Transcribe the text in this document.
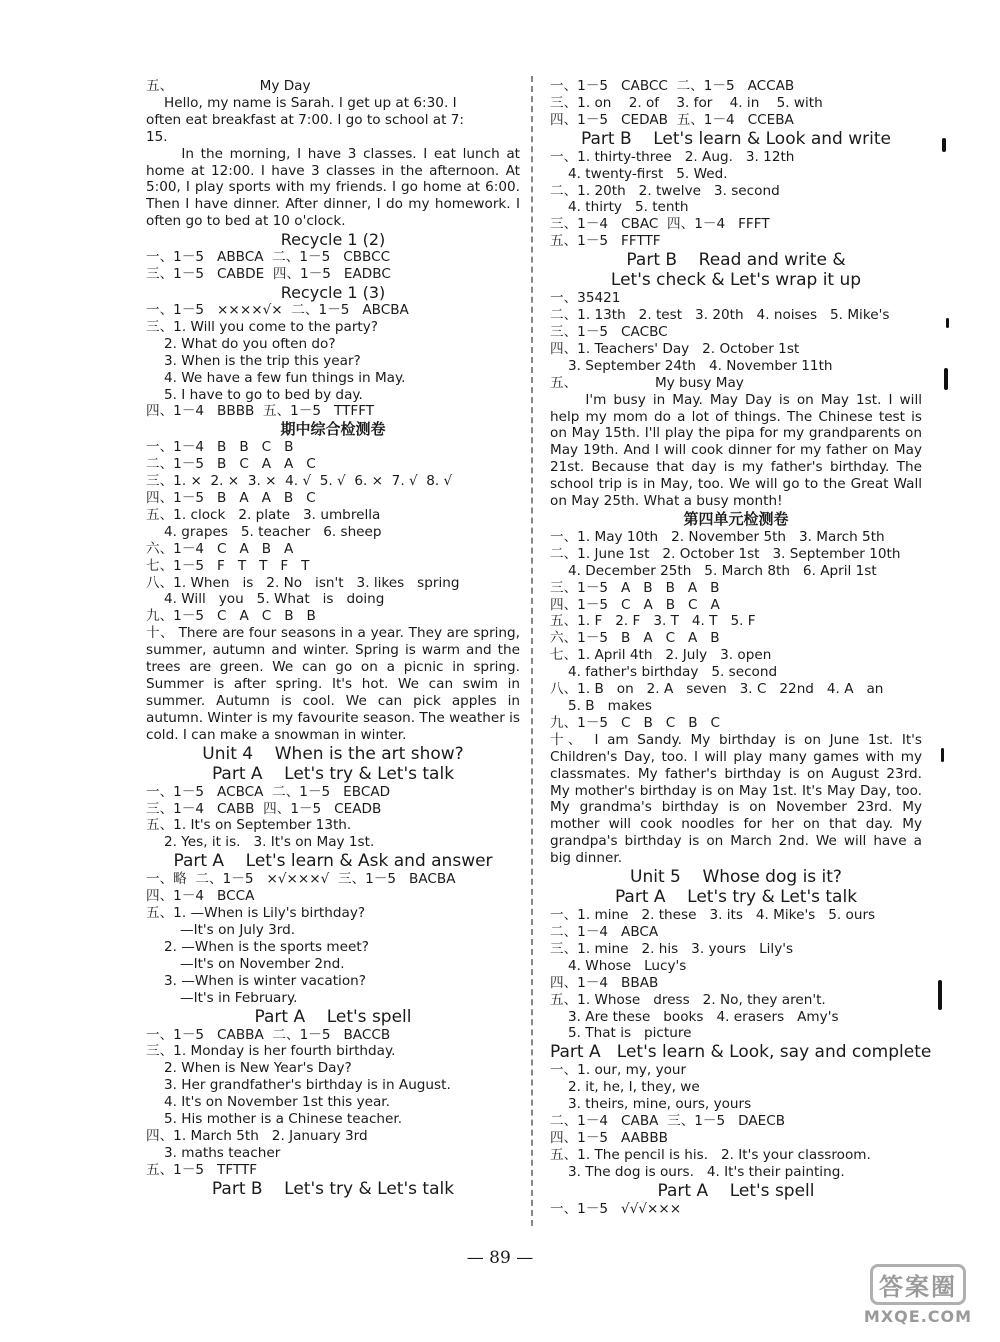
五、                    My Day
Hello, my name is Sarah. I get up at 6:30. I
often eat breakfast at 7:00. I go to school at 7:
15.
In the morning, I have 3 classes. I eat lunch at home at 12:00. I have 3 classes in the afternoon. At 5:00, I play sports with my friends. I go home at 6:00. Then I have dinner. After dinner, I do my homework. I often go to bed at 10 o'clock.
Recycle 1 (2)
一、1－5   ABBCA  二、1－5   CBBCC
三、1－5   CABDE  四、1－5   EADBC
Recycle 1 (3)
一、1－5   ××××√×  二、1－5   ABCBA
三、1. Will you come to the party?
2. What do you often do?
3. When is the trip this year?
4. We have a few fun things in May.
5. I have to go to bed by day.
四、1－4   BBBB  五、1－5   TTFFT
期中综合检测卷
一、1－4   B   B   C   B
二、1－5   B   C   A   A   C
三、1. ×  2. ×  3. ×  4. √  5. √  6. ×  7. √  8. √
四、1－5   B   A   A   B   C
五、1. clock   2. plate   3. umbrella
4. grapes   5. teacher   6. sheep
六、1－4   C   A   B   A
七、1－5   F   T   T   F   T
八、1. When   is   2. No   isn't   3. likes   spring
4. Will   you   5. What   is   doing
九、1－5   C   A   C   B   B
十、 There are four seasons in a year. They are spring, summer, autumn and winter. Spring is warm and the trees are green. We can go on a picnic in spring. Summer is after spring. It's hot. We can swim in summer. Autumn is cool. We can pick apples in autumn. Winter is my favourite season. The weather is cold. I can make a snowman in winter.
Unit 4    When is the art show?
Part A    Let's try & Let's talk
一、1－5   ACBCA  二、1－5   EBCAD
三、1－4   CABB  四、1－5   CEADB
五、1. It's on September 13th.
2. Yes, it is.   3. It's on May 1st.
Part A    Let's learn & Ask and answer
一、略  二、1－5   ×√×××√  三、1－5   BACBA
四、1－4   BCCA
五、1. —When is Lily's birthday?
—It's on July 3rd.
2. —When is the sports meet?
—It's on November 2nd.
3. —When is winter vacation?
—It's in February.
Part A    Let's spell
一、1－5   CABBA  二、1－5   BACCB
三、1. Monday is her fourth birthday.
2. When is New Year's Day?
3. Her grandfather's birthday is in August.
4. It's on November 1st this year.
5. His mother is a Chinese teacher.
四、1. March 5th   2. January 3rd
3. maths teacher
五、1－5   TFTTF
Part B    Let's try & Let's talk
一、1－5   CABCC  二、1－5   ACCAB
三、1. on    2. of    3. for    4. in    5. with
四、1－5   CEDAB  五、1－4   CCEBA
Part B    Let's learn & Look and write
一、1. thirty-three   2. Aug.   3. 12th
4. twenty-first   5. Wed.
二、1. 20th   2. twelve   3. second
4. thirty   5. tenth
三、1－4   CBAC  四、1－4   FFFT
五、1－5   FFTTF
Part B    Read and write &
Let's check & Let's wrap it up
一、35421
二、1. 13th   2. test   3. 20th   4. noises   5. Mike's
三、1－5   CACBC
四、1. Teachers' Day   2. October 1st
3. September 24th   4. November 11th
五、                  My busy May
I'm busy in May. May Day is on May 1st. I will help my mom do a lot of things. The Chinese test is on May 15th. I'll play the pipa for my grandparents on May 19th. And I will cook dinner for my father on May 21st. Because that day is my father's birthday. The school trip is in May, too. We will go to the Great Wall on May 25th. What a busy month!
第四单元检测卷
一、1. May 10th   2. November 5th   3. March 5th
二、1. June 1st   2. October 1st   3. September 10th
4. December 25th   5. March 8th   6. April 1st
三、1－5   A   B   B   A   B
四、1－5   C   A   B   C   A
五、1. F   2. F   3. T   4. T   5. F
六、1－5   B   A   C   A   B
七、1. April 4th   2. July   3. open
4. father's birthday   5. second
八、1. B   on   2. A   seven   3. C   22nd   4. A   an
5. B   makes
九、1－5   C   B   C   B   C
十、 I am Sandy. My birthday is on June 1st. It's Children's Day, too. I will play many games with my classmates. My father's birthday is on August 23rd. My mother's birthday is on May 1st. It's May Day, too. My grandma's birthday is on November 23rd. My mother will cook noodles for her on that day. My grandpa's birthday is on March 2nd. We will have a big dinner.
Unit 5    Whose dog is it?
Part A    Let's try & Let's talk
一、1. mine   2. these   3. its   4. Mike's   5. ours
二、1－4   ABCA
三、1. mine   2. his   3. yours   Lily's
4. Whose   Lucy's
四、1－4   BBAB
五、1. Whose   dress   2. No, they aren't.
3. Are these   books   4. erasers   Amy's
5. That is   picture
Part A   Let's learn & Look, say and complete
一、1. our, my, your
2. it, he, I, they, we
3. theirs, mine, ours, yours
二、1－4   CABA  三、1－5   DAECB
四、1－5   AABBB
五、1. The pencil is his.   2. It's your classroom.
3. The dog is ours.   4. It's their painting.
Part A    Let's spell
一、1－5   √√√×××
— 89 —
答案圈
MXQE.COM
